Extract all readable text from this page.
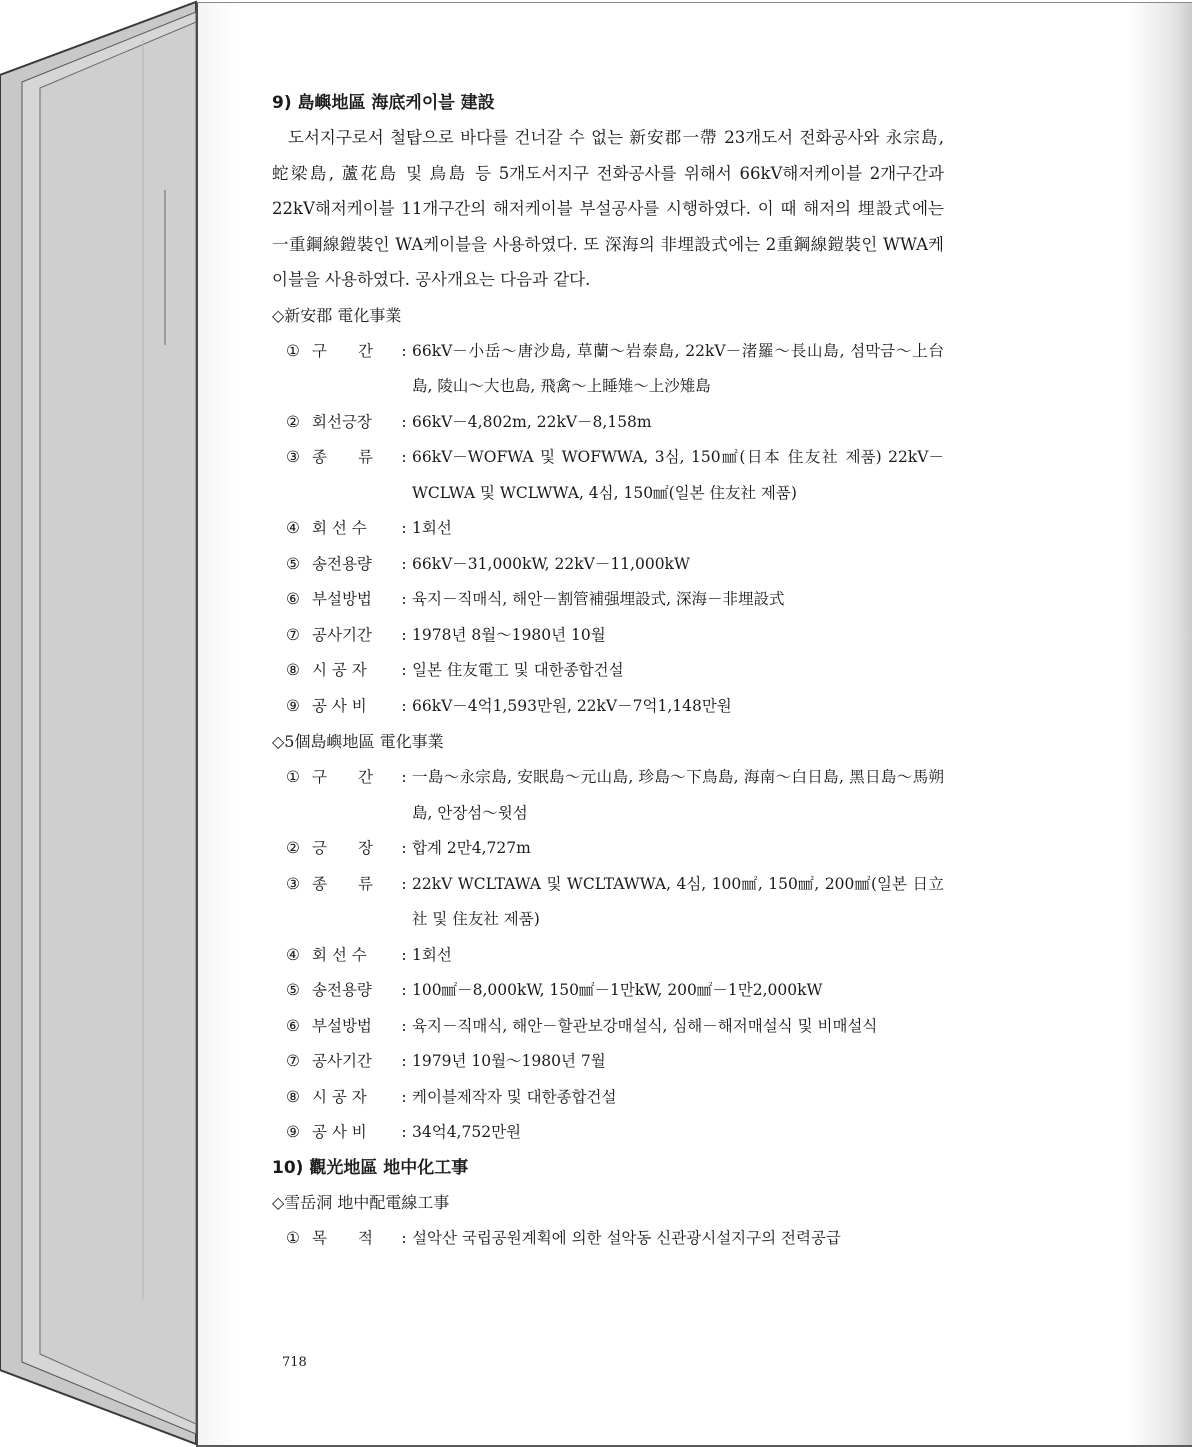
9) 島嶼地區 海底케이블 建設
도서지구로서 철탑으로 바다를 건너갈 수 없는 新安郡一帶 23개도서 전화공사와 永宗島, 蛇梁島, 蘆花島 및 鳥島 등 5개도서지구 전화공사를 위해서 66kV해저케이블 2개구간과 22kV해저케이블 11개구간의 해저케이블 부설공사를 시행하였다. 이 때 해저의 埋設式에는 一重鋼線鎧裝인 WA케이블을 사용하였다. 또 深海의 非埋設式에는 2重鋼線鎧裝인 WWA케이블을 사용하였다. 공사개요는 다음과 같다.
◇新安郡 電化事業
① 구　　간	: 66kV－小岳～唐沙島, 草蘭～岩泰島, 22kV－渚羅～長山島, 섬막금～上台島, 陵山～大也島, 飛禽～上睡雉～上沙雉島
② 회선긍장	: 66kV－4,802m, 22kV－8,158m
③ 종　　류	: 66kV－WOFWA 및 WOFWWA, 3심, 150㎟(日本 住友社 제품) 22kV－WCLWA 및 WCLWWA, 4심, 150㎟(일본 住友社 제품)
④ 회 선 수	: 1회선
⑤ 송전용량	: 66kV－31,000kW, 22kV－11,000kW
⑥ 부설방법	: 육지－직매식, 해안－割管補强埋設式, 深海－非埋設式
⑦ 공사기간	: 1978년 8월～1980년 10월
⑧ 시 공 자	: 일본 住友電工 및 대한종합건설
⑨ 공 사 비	: 66kV－4억1,593만원, 22kV－7억1,148만원
◇5個島嶼地區 電化事業
① 구　　간	: 一島～永宗島, 安眠島～元山島, 珍島～下鳥島, 海南～白日島, 黑日島～馬朔島, 안장섬～윗섬
② 긍　　장	: 합계 2만4,727m
③ 종　　류	: 22kV WCLTAWA 및 WCLTAWWA, 4심, 100㎟, 150㎟, 200㎟(일본 日立社 및 住友社 제품)
④ 회 선 수	: 1회선
⑤ 송전용량	: 100㎟－8,000kW, 150㎟－1만kW, 200㎟－1만2,000kW
⑥ 부설방법	: 육지－직매식, 해안－할관보강매설식, 심해－해저매설식 및 비매설식
⑦ 공사기간	: 1979년 10월～1980년 7월
⑧ 시 공 자	: 케이블제작자 및 대한종합건설
⑨ 공 사 비	: 34억4,752만원
10) 觀光地區 地中化工事
◇雪岳洞 地中配電線工事
① 목　　적	: 설악산 국립공원계획에 의한 설악동 신관광시설지구의 전력공급
718
